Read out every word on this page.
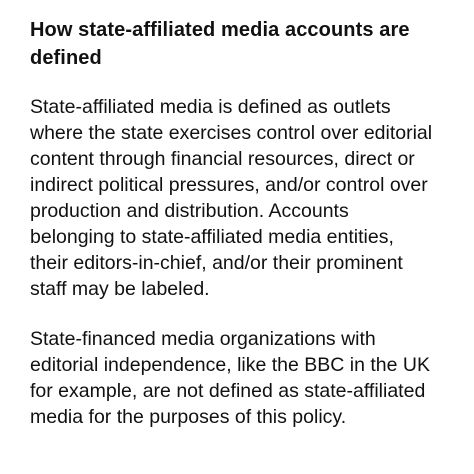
How state-affiliated media accounts are
defined

State-affiliated media is defined as outlets
where the state exercises control over editorial
content through financial resources, direct or
indirect political pressures, and/or control over
production and distribution. Accounts
belonging to state-affiliated media entities,
their editors-in-chief, and/or their prominent
staff may be labeled.

State-financed media organizations with
editorial independence, like the BBC in the UK
for example, are not defined as state-affiliated
media for the purposes of this policy.
